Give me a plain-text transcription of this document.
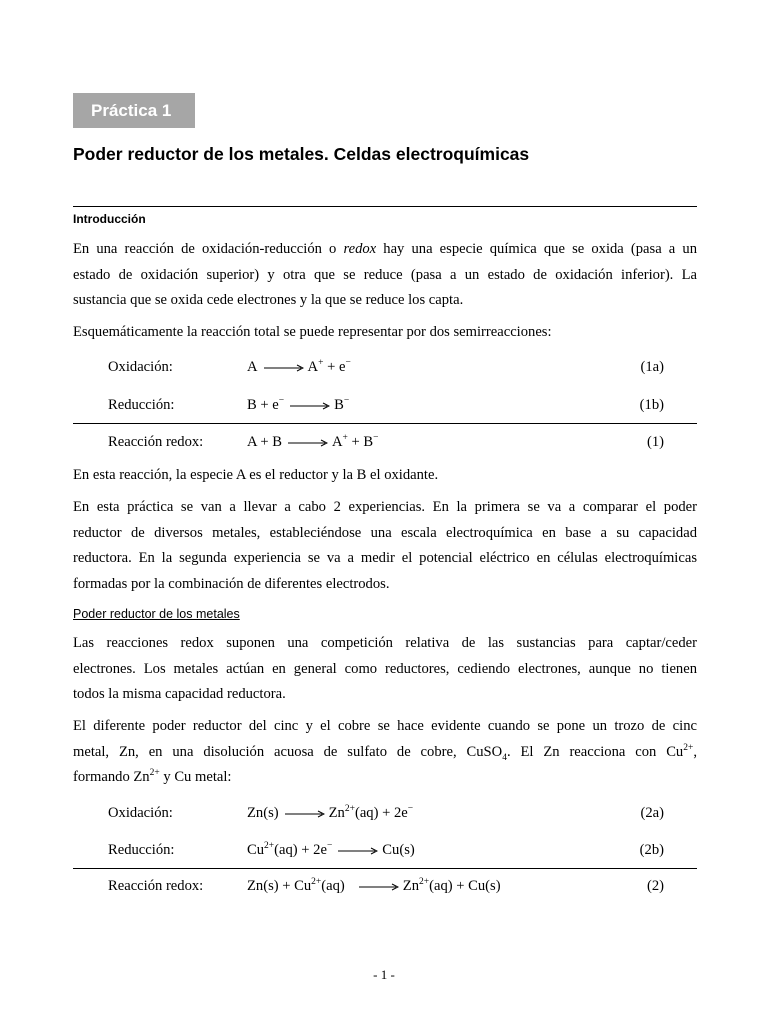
Práctica 1
Poder reductor de los metales. Celdas electroquímicas
Introducción

En una reacción de oxidación-reducción o redox hay una especie química que se oxida (pasa a un
estado de oxidación superior) y otra que se reduce (pasa a un estado de oxidación inferior). La
sustancia que se oxida cede electrones y la que se reduce los capta.

Esquemáticamente la reacción total se puede representar por dos semirreacciones:

Oxidación:	A → A+ + e−	(1a)
Reducción:	B + e− → B−	(1b)
Reacción redox:	A + B → A+ + B−	(1)

En esta reacción, la especie A es el reductor y la B el oxidante.

En esta práctica se van a llevar a cabo 2 experiencias. En la primera se va a comparar el poder
reductor de diversos metales, estableciéndose una escala electroquímica en base a su capacidad
reductora. En la segunda experiencia se va a medir el potencial eléctrico en células electroquímicas
formadas por la combinación de diferentes electrodos.

Poder reductor de los metales

Las reacciones redox suponen una competición relativa de las sustancias para captar/ceder
electrones. Los metales actúan en general como reductores, cediendo electrones, aunque no tienen
todos la misma capacidad reductora.

El diferente poder reductor del cinc y el cobre se hace evidente cuando se pone un trozo de cinc
metal, Zn, en una disolución acuosa de sulfato de cobre, CuSO$_4$. El Zn reacciona con $Cu^{2+}$,
formando $Zn^{2+}$ y Cu metal:

Oxidación:	$Zn(s) \to Zn^{2+}(aq) + 2e^-$	(2a)
Reducción:	$Cu^{2+}(aq) + 2e^- \to Cu(s)$	(2b)
Reacción redox:	$Zn(s) + Cu^{2+}(aq) \to Zn^{2+}(aq) + Cu(s)$	(2)
- 1 -
